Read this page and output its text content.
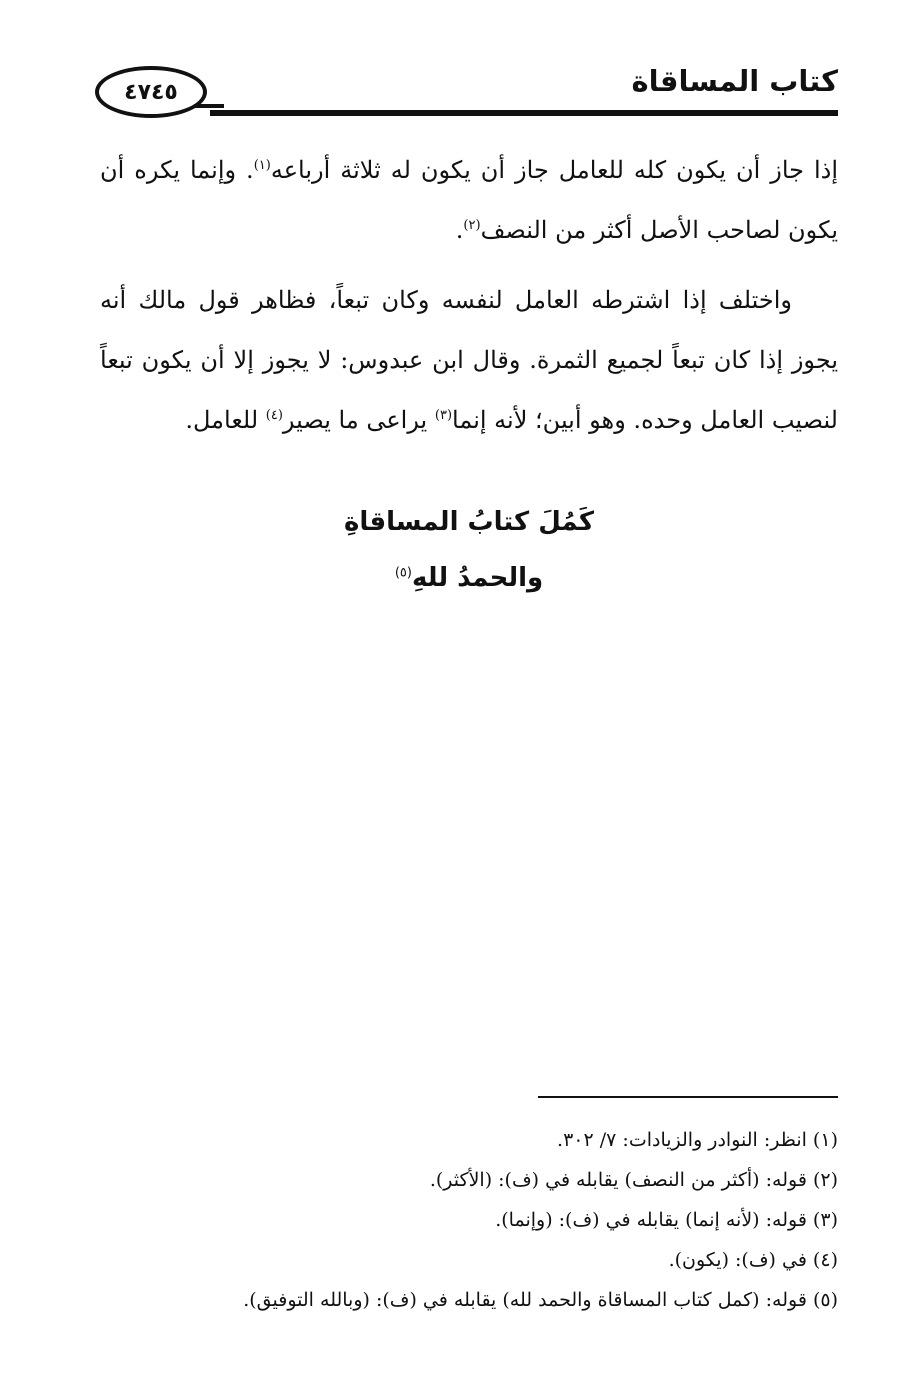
٤٧٤٥	كتاب المساقاة

إذا جاز أن يكون كله للعامل جاز أن يكون له ثلاثة أرباعه$^{(١)}$. وإنما يكره أن يكون لصاحب الأصل أكثر من النصف$^{(٢)}$.

واختلف إذا اشترطه العامل لنفسه وكان تبعاً، فظاهر قول مالك أنه يجوز إذا كان تبعاً لجميع الثمرة. وقال ابن عبدوس: لا يجوز إلا أن يكون تبعاً لنصيب العامل وحده. وهو أبين؛ لأنه إنما$^{(٣)}$ يراعى ما يصير$^{(٤)}$ للعامل.

كَمُلَ كتابُ المساقاةِ
والحمدُ للهِ$^{(٥)}$
(١) انظر: النوادر والزيادات: ٧/ ٣٠٢.
(٢) قوله: (أكثر من النصف) يقابله في (ف): (الأكثر).
(٣) قوله: (لأنه إنما) يقابله في (ف): (وإنما).
(٤) في (ف): (يكون).
(٥) قوله: (كمل كتاب المساقاة والحمد لله) يقابله في (ف): (وبالله التوفيق).
